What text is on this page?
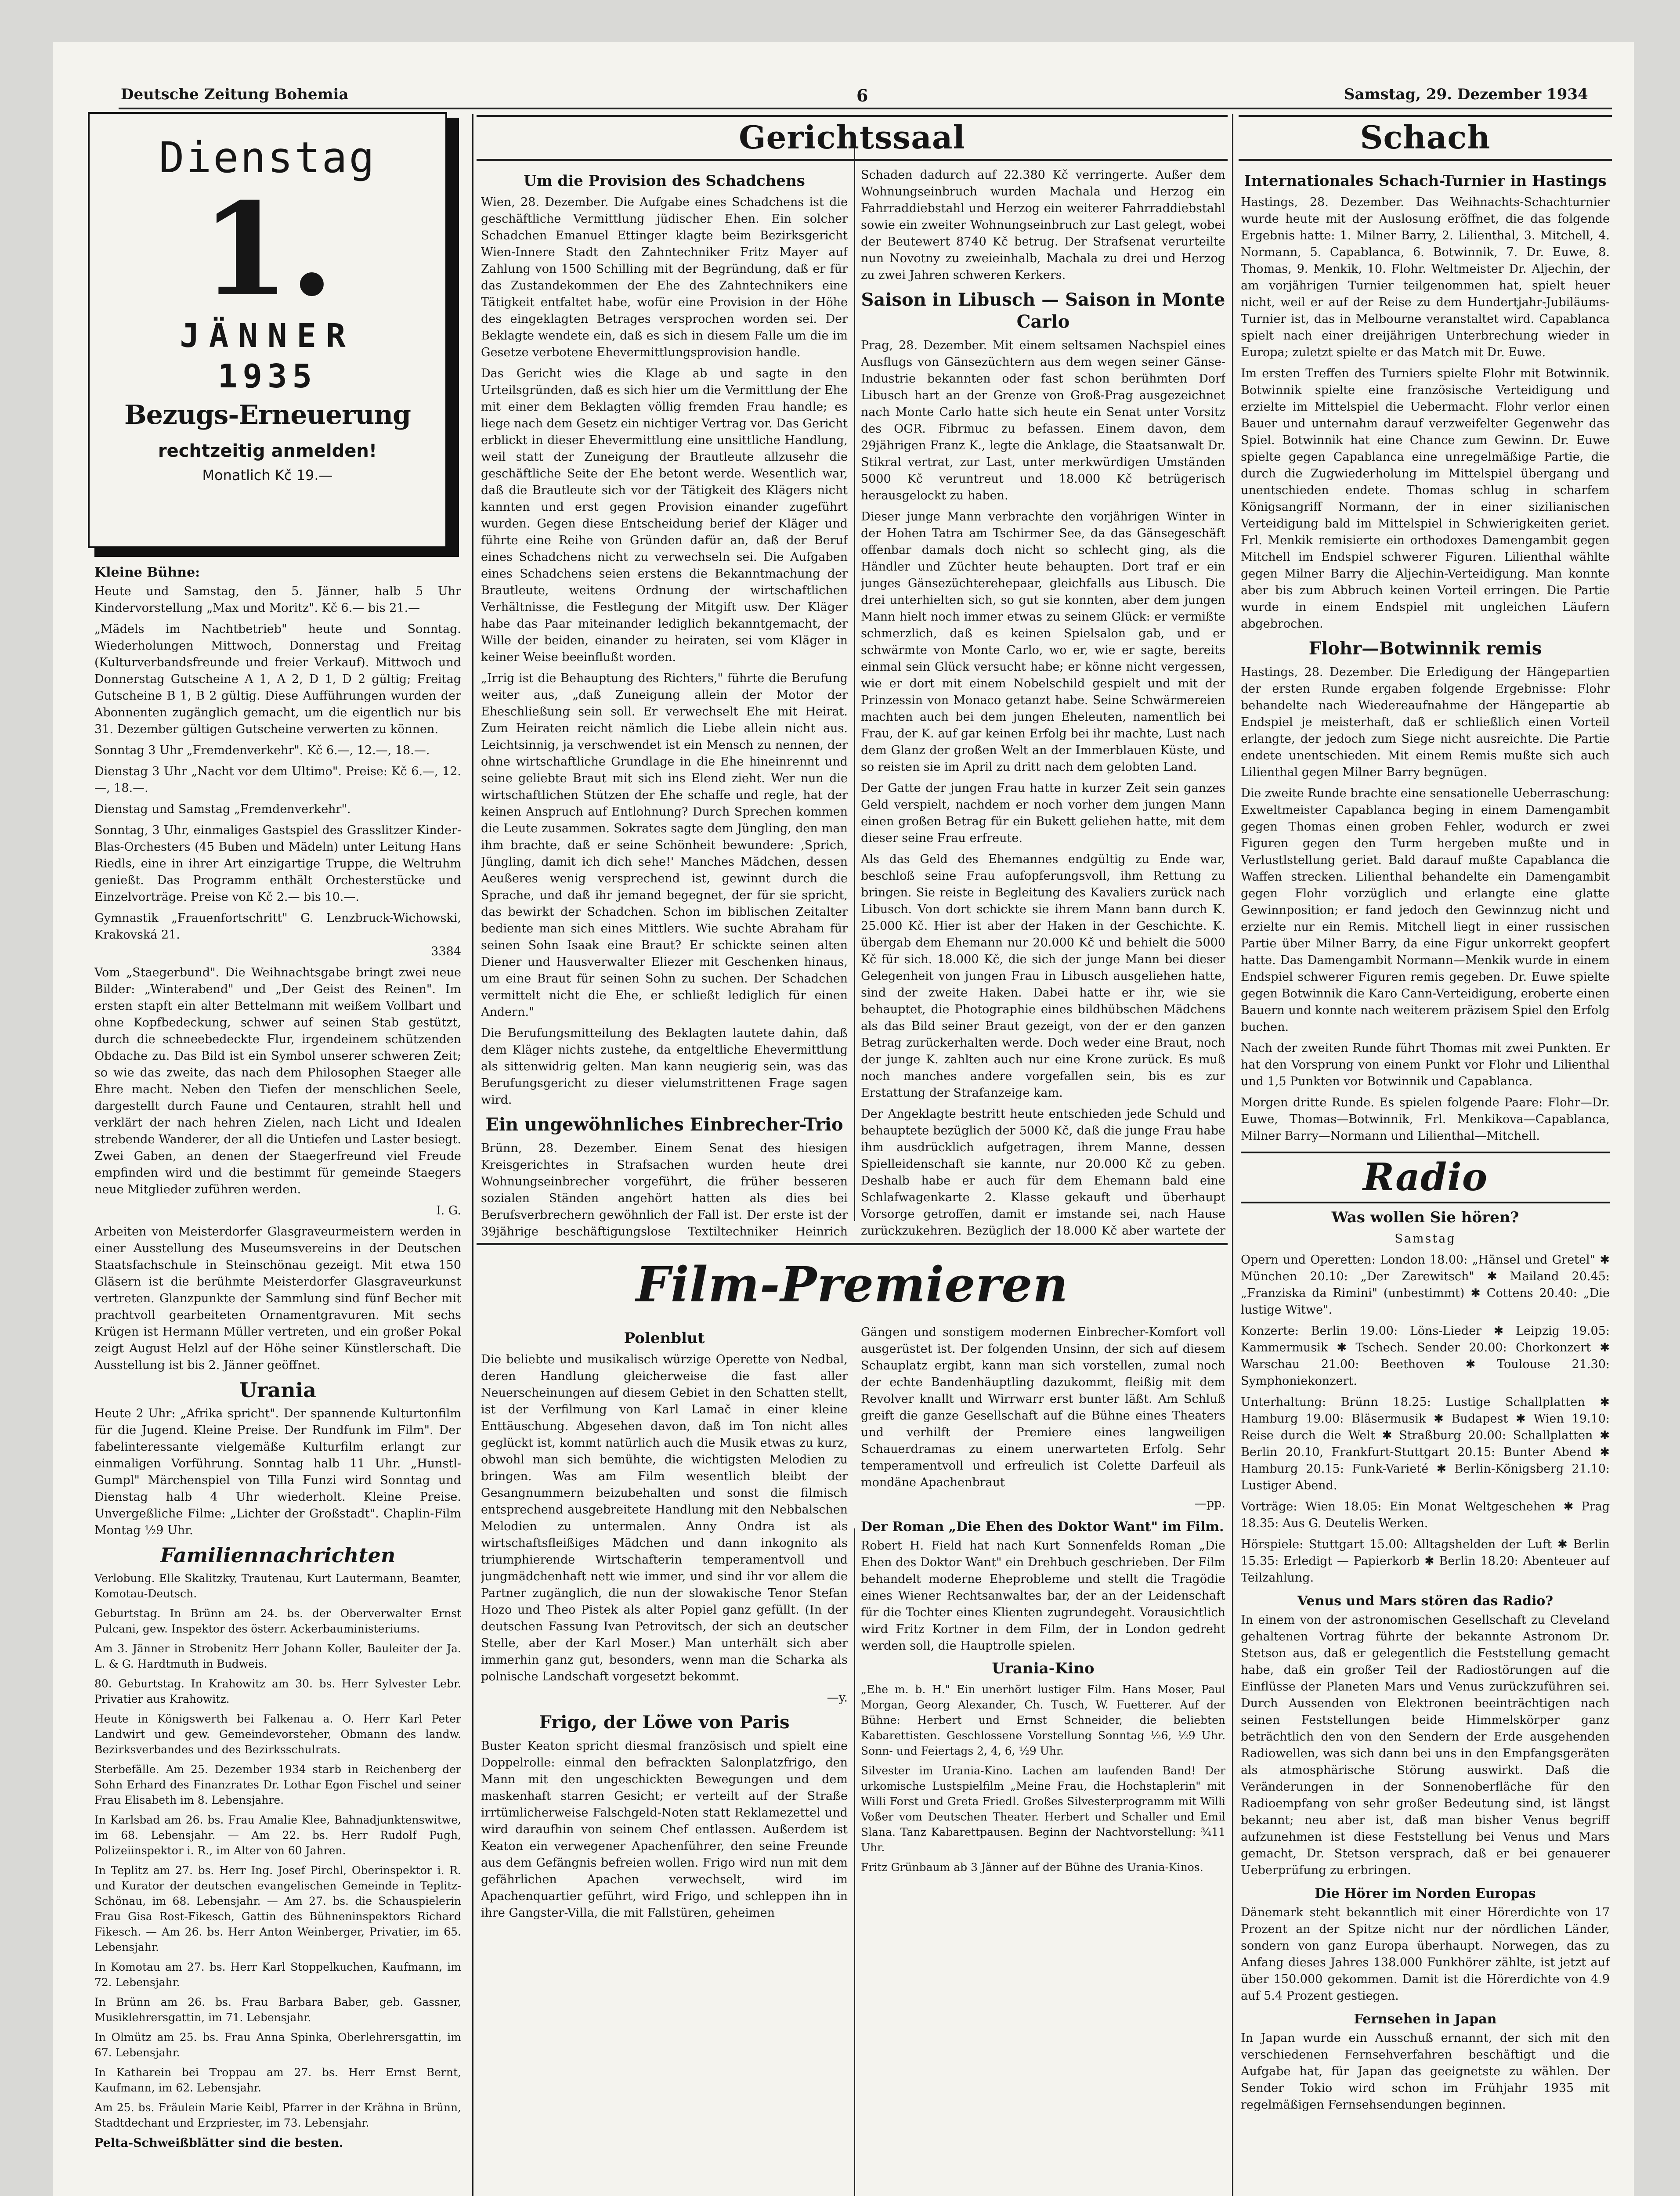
Deutsche Zeitung Bohemia	6	Samstag, 29. Dezember 1934
Gerichtssaal
Dienstag
1.
JÄNNER
1935
Bezugs-Erneuerung
rechtzeitig anmelden!
Monatlich Kč 19.—
Kleine Bühne:

Heute und Samstag, den 5. Jänner, halb 5 Uhr Kindervorstellung „Max und Moritz". Kč 6.— bis 21.—

„Mädels im Nachtbetrieb" heute und Sonntag. Wiederholungen Mittwoch, Donnerstag und Freitag (Kulturverbandsfreunde und freier Verkauf). Mittwoch und Donnerstag Gutscheine A 1, A 2, D 1, D 2 gültig; Freitag Gutscheine B 1, B 2 gültig. Diese Aufführungen wurden der Abonnenten zugänglich gemacht, um die eigentlich nur bis 31. Dezember gültigen Gutscheine verwerten zu können.

Sonntag 3 Uhr „Fremdenverkehr". Kč 6.—, 12.—, 18.—.

Dienstag 3 Uhr „Nacht vor dem Ultimo". Preise: Kč 6.—, 12.—, 18.—.

Dienstag und Samstag „Fremdenverkehr".

Sonntag, 3 Uhr, einmaliges Gastspiel des Grasslitzer Kinder-Blas-Orchesters (45 Buben und Mädeln) unter Leitung Hans Riedls, eine in ihrer Art einzigartige Truppe, die Weltruhm genießt. Das Programm enthält Orchesterstücke und Einzelvorträge. Preise von Kč 2.— bis 10.—.

Gymnastik „Frauenfortschritt" G. Lenzbruck-Wichowski, Krakovská 21.

3384

Vom „Staegerbund". Die Weihnachtsgabe bringt zwei neue Bilder: „Winterabend" und „Der Geist des Reinen". Im ersten stapft ein alter Bettelmann mit weißem Vollbart und ohne Kopfbedeckung, schwer auf seinen Stab gestützt, durch die schneebedeckte Flur, irgendeinem schützenden Obdache zu. Das Bild ist ein Symbol unserer schweren Zeit; so wie das zweite, das nach dem Philosophen Staeger alle Ehre macht. Neben den Tiefen der menschlichen Seele, dargestellt durch Faune und Centauren, strahlt hell und verklärt der nach hehren Zielen, nach Licht und Idealen strebende Wanderer, der all die Untiefen und Laster besiegt. Zwei Gaben, an denen der Staegerfreund viel Freude empfinden wird und die bestimmt für gemeinde Staegers neue Mitglieder zuführen werden.

I. G.

Arbeiten von Meisterdorfer Glasgraveurmeistern werden in einer Ausstellung des Museumsvereins in der Deutschen Staatsfachschule in Steinschönau gezeigt. Mit etwa 150 Gläsern ist die berühmte Meisterdorfer Glasgraveurkunst vertreten. Glanzpunkte der Sammlung sind fünf Becher mit prachtvoll gearbeiteten Ornamentgravuren. Mit sechs Krügen ist Hermann Müller vertreten, und ein großer Pokal zeigt August Helzl auf der Höhe seiner Künstlerschaft. Die Ausstellung ist bis 2. Jänner geöffnet.

Urania

Heute 2 Uhr: „Afrika spricht". Der spannende Kulturtonfilm für die Jugend. Kleine Preise. Der Rundfunk im Film". Der fabelinteressante vielgemäße Kulturfilm erlangt zur einmaligen Vorführung. Sonntag halb 11 Uhr. „Hunstl-Gumpl" Märchenspiel von Tilla Funzi wird Sonntag und Dienstag halb 4 Uhr wiederholt. Kleine Preise. Unvergeßliche Filme: „Lichter der Großstadt". Chaplin-Film Montag ½9 Uhr.

Familiennachrichten

Verlobung. Elle Skalitzky, Trautenau, Kurt Lautermann, Beamter, Komotau-Deutsch.

Geburtstag. In Brünn am 24. bs. der Oberverwalter Ernst Pulcani, gew. Inspektor des österr. Ackerbauministeriums.

Am 3. Jänner in Strobenitz Herr Johann Koller, Bauleiter der Ja. L. & G. Hardtmuth in Budweis.

80. Geburtstag. In Krahowitz am 30. bs. Herr Sylvester Lebr. Privatier aus Krahowitz.

Heute in Königswerth bei Falkenau a. O. Herr Karl Peter Landwirt und gew. Gemeindevorsteher, Obmann des landw. Bezirksverbandes und des Bezirksschulrats.

Sterbefälle. Am 25. Dezember 1934 starb in Reichenberg der Sohn Erhard des Finanzrates Dr. Lothar Egon Fischel und seiner Frau Elisabeth im 8. Lebensjahre.

In Karlsbad am 26. bs. Frau Amalie Klee, Bahnadjunktenswitwe, im 68. Lebensjahr. — Am 22. bs. Herr Rudolf Pugh, Polizeiinspektor i. R., im Alter von 60 Jahren.

In Teplitz am 27. bs. Herr Ing. Josef Pirchl, Oberinspektor i. R. und Kurator der deutschen evangelischen Gemeinde in Teplitz-Schönau, im 68. Lebensjahr. — Am 27. bs. die Schauspielerin Frau Gisa Rost-Fikesch, Gattin des Bühneninspektors Richard Fikesch. — Am 26. bs. Herr Anton Weinberger, Privatier, im 65. Lebensjahr.

In Komotau am 27. bs. Herr Karl Stoppelkuchen, Kaufmann, im 72. Lebensjahr.

In Brünn am 26. bs. Frau Barbara Baber, geb. Gassner, Musiklehrersgattin, im 71. Lebensjahr.

In Olmütz am 25. bs. Frau Anna Spinka, Oberlehrersgattin, im 67. Lebensjahr.

In Katharein bei Troppau am 27. bs. Herr Ernst Bernt, Kaufmann, im 62. Lebensjahr.

Am 25. bs. Fräulein Marie Keibl, Pfarrer in der Krähna in Brünn, Stadtdechant und Erzpriester, im 73. Lebensjahr.

Pelta-Schweißblätter sind die besten.

Um die Provision des Schadchens

Wien, 28. Dezember. Die Aufgabe eines Schadchens ist die geschäftliche Vermittlung jüdischer Ehen. Ein solcher Schadchen Emanuel Ettinger klagte beim Bezirksgericht Wien-Innere Stadt den Zahntechniker Fritz Mayer auf Zahlung von 1500 Schilling mit der Begründung, daß er für das Zustandekommen der Ehe des Zahntechnikers eine Tätigkeit entfaltet habe, wofür eine Provision in der Höhe des eingeklagten Betrages versprochen worden sei. Der Beklagte wendete ein, daß es sich in diesem Falle um die im Gesetze verbotene Ehevermittlungsprovision handle.

Das Gericht wies die Klage ab und sagte in den Urteilsgründen, daß es sich hier um die Vermittlung der Ehe mit einer dem Beklagten völlig fremden Frau handle; es liege nach dem Gesetz ein nichtiger Vertrag vor. Das Gericht erblickt in dieser Ehevermittlung eine unsittliche Handlung, weil statt der Zuneigung der Brautleute allzusehr die geschäftliche Seite der Ehe betont werde. Wesentlich war, daß die Brautleute sich vor der Tätigkeit des Klägers nicht kannten und erst gegen Provision einander zugeführt wurden. Gegen diese Entscheidung berief der Kläger und führte eine Reihe von Gründen dafür an, daß der Beruf eines Schadchens nicht zu verwechseln sei. Die Aufgaben eines Schadchens seien erstens die Bekanntmachung der Brautleute, weitens Ordnung der wirtschaftlichen Verhältnisse, die Festlegung der Mitgift usw. Der Kläger habe das Paar miteinander lediglich bekanntgemacht, der Wille der beiden, einander zu heiraten, sei vom Kläger in keiner Weise beeinflußt worden.

„Irrig ist die Behauptung des Richters," führte die Berufung weiter aus, „daß Zuneigung allein der Motor der Eheschließung sein soll. Er verwechselt Ehe mit Heirat. Zum Heiraten reicht nämlich die Liebe allein nicht aus. Leichtsinnig, ja verschwendet ist ein Mensch zu nennen, der ohne wirtschaftliche Grundlage in die Ehe hineinrennt und seine geliebte Braut mit sich ins Elend zieht. Wer nun die wirtschaftlichen Stützen der Ehe schaffe und regle, hat der keinen Anspruch auf Entlohnung? Durch Sprechen kommen die Leute zusammen. Sokrates sagte dem Jüngling, den man ihm brachte, daß er seine Schönheit bewundere: ‚Sprich, Jüngling, damit ich dich sehe!' Manches Mädchen, dessen Aeußeres wenig versprechend ist, gewinnt durch die Sprache, und daß ihr jemand begegnet, der für sie spricht, das bewirkt der Schadchen. Schon im biblischen Zeitalter bediente man sich eines Mittlers. Wie suchte Abraham für seinen Sohn Isaak eine Braut? Er schickte seinen alten Diener und Hausverwalter Eliezer mit Geschenken hinaus, um eine Braut für seinen Sohn zu suchen. Der Schadchen vermittelt nicht die Ehe, er schließt lediglich für einen Andern."

Die Berufungsmitteilung des Beklagten lautete dahin, daß dem Kläger nichts zustehe, da entgeltliche Ehevermittlung als sittenwidrig gelten. Man kann neugierig sein, was das Berufungsgericht zu dieser vielumstrittenen Frage sagen wird.

Ein ungewöhnliches Einbrecher-Trio

Brünn, 28. Dezember. Einem Senat des hiesigen Kreisgerichtes in Strafsachen wurden heute drei Wohnungseinbrecher vorgeführt, die früher besseren sozialen Ständen angehört hatten als dies bei Berufsverbrechern gewöhnlich der Fall ist. Der erste ist der 39jährige beschäftigungslose Textiltechniker Heinrich

Schaden dadurch auf 22.380 Kč verringerte. Außer dem Wohnungseinbruch wurden Machala und Herzog ein Fahrraddiebstahl und Herzog ein weiterer Fahrraddiebstahl sowie ein zweiter Wohnungseinbruch zur Last gelegt, wobei der Beutewert 8740 Kč betrug. Der Strafsenat verurteilte nun Novotny zu zweieinhalb, Machala zu drei und Herzog zu zwei Jahren schweren Kerkers.

Saison in Libusch — Saison in Monte Carlo

Prag, 28. Dezember. Mit einem seltsamen Nachspiel eines Ausflugs von Gänsezüchtern aus dem wegen seiner Gänse-Industrie bekannten oder fast schon berühmten Dorf Libusch hart an der Grenze von Groß-Prag ausgezeichnet nach Monte Carlo hatte sich heute ein Senat unter Vorsitz des OGR. Fibrmuc zu befassen. Einem davon, dem 29jährigen Franz K., legte die Anklage, die Staatsanwalt Dr. Stikral vertrat, zur Last, unter merkwürdigen Umständen 5000 Kč veruntreut und 18.000 Kč betrügerisch herausgelockt zu haben.

Dieser junge Mann verbrachte den vorjährigen Winter in der Hohen Tatra am Tschirmer See, da das Gänsegeschäft offenbar damals doch nicht so schlecht ging, als die Händler und Züchter heute behaupten. Dort traf er ein junges Gänsezüchterehepaar, gleichfalls aus Libusch. Die drei unterhielten sich, so gut sie konnten, aber dem jungen Mann hielt noch immer etwas zu seinem Glück: er vermißte schmerzlich, daß es keinen Spielsalon gab, und er schwärmte von Monte Carlo, wo er, wie er sagte, bereits einmal sein Glück versucht habe; er könne nicht vergessen, wie er dort mit einem Nobelschild gespielt und mit der Prinzessin von Monaco getanzt habe. Seine Schwärmereien machten auch bei dem jungen Eheleuten, namentlich bei Frau, der K. auf gar keinen Erfolg bei ihr machte, Lust nach dem Glanz der großen Welt an der Immerblauen Küste, und so reisten sie im April zu dritt nach dem gelobten Land.

Der Gatte der jungen Frau hatte in kurzer Zeit sein ganzes Geld verspielt, nachdem er noch vorher dem jungen Mann einen großen Betrag für ein Bukett geliehen hatte, mit dem dieser seine Frau erfreute.

Als das Geld des Ehemannes endgültig zu Ende war, beschloß seine Frau aufopferungsvoll, ihm Rettung zu bringen. Sie reiste in Begleitung des Kavaliers zurück nach Libusch. Von dort schickte sie ihrem Mann bann durch K. 25.000 Kč. Hier ist aber der Haken in der Geschichte. K. übergab dem Ehemann nur 20.000 Kč und behielt die 5000 Kč für sich. 18.000 Kč, die sich der junge Mann bei dieser Gelegenheit von jungen Frau in Libusch ausgeliehen hatte, sind der zweite Haken. Dabei hatte er ihr, wie sie behauptet, die Photographie eines bildhübschen Mädchens als das Bild seiner Braut gezeigt, von der er den ganzen Betrag zurückerhalten werde. Doch weder eine Braut, noch der junge K. zahlten auch nur eine Krone zurück. Es muß noch manches andere vorgefallen sein, bis es zur Erstattung der Strafanzeige kam.

Der Angeklagte bestritt heute entschieden jede Schuld und behauptete bezüglich der 5000 Kč, daß die junge Frau habe ihm ausdrücklich aufgetragen, ihrem Manne, dessen Spielleidenschaft sie kannte, nur 20.000 Kč zu geben. Deshalb habe er auch für dem Ehemann bald eine Schlafwagenkarte 2. Klasse gekauft und überhaupt Vorsorge getroffen, damit er imstande sei, nach Hause zurückzukehren. Bezüglich der 18.000 Kč aber wartete der

Film-Premieren
Polenblut

Die beliebte und musikalisch würzige Operette von Nedbal, deren Handlung gleicherweise die fast aller Neuerscheinungen auf diesem Gebiet in den Schatten stellt, ist der Verfilmung von Karl Lamač in einer kleine Enttäuschung. Abgesehen davon, daß im Ton nicht alles geglückt ist, kommt natürlich auch die Musik etwas zu kurz, obwohl man sich bemühte, die wichtigsten Melodien zu bringen. Was am Film wesentlich bleibt der Gesangnummern beizubehalten und sonst die filmisch entsprechend ausgebreitete Handlung mit den Nebbalschen Melodien zu untermalen. Anny Ondra ist als wirtschaftsfleißiges Mädchen und dann inkognito als triumphierende Wirtschafterin temperamentvoll und jungmädchenhaft nett wie immer, und sind ihr vor allem die Partner zugänglich, die nun der slowakische Tenor Stefan Hozo und Theo Pistek als alter Popiel ganz gefüllt. (In der deutschen Fassung Ivan Petrovitsch, der sich an deutscher Stelle, aber der Karl Moser.) Man unterhält sich aber immerhin ganz gut, besonders, wenn man die Scharka als polnische Landschaft vorgesetzt bekommt.

—y.
Frigo, der Löwe von Paris

Buster Keaton spricht diesmal französisch und spielt eine Doppelrolle: einmal den befrackten Salonplatzfrigo, den Mann mit den ungeschickten Bewegungen und dem maskenhaft starren Gesicht; er verteilt auf der Straße irrtümlicherweise Falschgeld-Noten statt Reklamezettel und wird daraufhin von seinem Chef entlassen. Außerdem ist Keaton ein verwegener Apachenführer, den seine Freunde aus dem Gefängnis befreien wollen. Frigo wird nun mit dem gefährlichen Apachen verwechselt, wird im Apachenquartier geführt, wird Frigo, und schleppen ihn in ihre Gangster-Villa, die mit Fallstüren, geheimen

Gängen und sonstigem modernen Einbrecher-Komfort voll ausgerüstet ist. Der folgenden Unsinn, der sich auf diesem Schauplatz ergibt, kann man sich vorstellen, zumal noch der echte Bandenhäuptling dazukommt, fleißig mit dem Revolver knallt und Wirrwarr erst bunter läßt. Am Schluß greift die ganze Gesellschaft auf die Bühne eines Theaters und verhilft der Premiere eines langweiligen Schauerdramas zu einem unerwarteten Erfolg. Sehr temperamentvoll und erfreulich ist Colette Darfeuil als mondäne Apachenbraut

—pp.
Der Roman „Die Ehen des Doktor Want" im Film.

Robert H. Field hat nach Kurt Sonnenfelds Roman „Die Ehen des Doktor Want" ein Drehbuch geschrieben. Der Film behandelt moderne Eheprobleme und stellt die Tragödie eines Wiener Rechtsanwaltes bar, der an der Leidenschaft für die Tochter eines Klienten zugrundegeht. Vorausichtlich wird Fritz Kortner in dem Film, der in London gedreht werden soll, die Hauptrolle spielen.

Urania-Kino

„Ehe m. b. H." Ein unerhört lustiger Film. Hans Moser, Paul Morgan, Georg Alexander, Ch. Tusch, W. Fuetterer. Auf der Bühne: Herbert und Ernst Schneider, die beliebten Kabarettisten. Geschlossene Vorstellung Sonntag ½6, ½9 Uhr. Sonn- und Feiertags 2, 4, 6, ½9 Uhr.

Silvester im Urania-Kino. Lachen am laufenden Band! Der urkomische Lustspielfilm „Meine Frau, die Hochstaplerin" mit Willi Forst und Greta Friedl. Großes Silvesterprogramm mit Willi Voßer vom Deutschen Theater. Herbert und Schaller und Emil Slana. Tanz Kabarettpausen. Beginn der Nachtvorstellung: ¾11 Uhr.

Fritz Grünbaum ab 3 Jänner auf der Bühne des Urania-Kinos.

Schach
Internationales Schach-Turnier in Hastings

Hastings, 28. Dezember. Das Weihnachts-Schachturnier wurde heute mit der Auslosung eröffnet, die das folgende Ergebnis hatte: 1. Milner Barry, 2. Lilienthal, 3. Mitchell, 4. Normann, 5. Capablanca, 6. Botwinnik, 7. Dr. Euwe, 8. Thomas, 9. Menkik, 10. Flohr. Weltmeister Dr. Aljechin, der am vorjährigen Turnier teilgenommen hat, spielt heuer nicht, weil er auf der Reise zu dem Hundertjahr-Jubiläums-Turnier ist, das in Melbourne veranstaltet wird. Capablanca spielt nach einer dreijährigen Unterbrechung wieder in Europa; zuletzt spielte er das Match mit Dr. Euwe.

Im ersten Treffen des Turniers spielte Flohr mit Botwinnik. Botwinnik spielte eine französische Verteidigung und erzielte im Mittelspiel die Uebermacht. Flohr verlor einen Bauer und unternahm darauf verzweifelter Gegenwehr das Spiel. Botwinnik hat eine Chance zum Gewinn. Dr. Euwe spielte gegen Capablanca eine unregelmäßige Partie, die durch die Zugwiederholung im Mittelspiel übergang und unentschieden endete. Thomas schlug in scharfem Königsangriff Normann, der in einer sizilianischen Verteidigung bald im Mittelspiel in Schwierigkeiten geriet. Frl. Menkik remisierte ein orthodoxes Damengambit gegen Mitchell im Endspiel schwerer Figuren. Lilienthal wählte gegen Milner Barry die Aljechin-Verteidigung. Man konnte aber bis zum Abbruch keinen Vorteil erringen. Die Partie wurde in einem Endspiel mit ungleichen Läufern abgebrochen.

Flohr—Botwinnik remis

Hastings, 28. Dezember. Die Erledigung der Hängepartien der ersten Runde ergaben folgende Ergebnisse: Flohr behandelte nach Wiedereaufnahme der Hängepartie ab Endspiel je meisterhaft, daß er schließlich einen Vorteil erlangte, der jedoch zum Siege nicht ausreichte. Die Partie endete unentschieden. Mit einem Remis mußte sich auch Lilienthal gegen Milner Barry begnügen.

Die zweite Runde brachte eine sensationelle Ueberraschung: Exweltmeister Capablanca beging in einem Damengambit gegen Thomas einen groben Fehler, wodurch er zwei Figuren gegen den Turm hergeben mußte und in Verlustlstellung geriet. Bald darauf mußte Capablanca die Waffen strecken. Lilienthal behandelte ein Damengambit gegen Flohr vorzüglich und erlangte eine glatte Gewinnposition; er fand jedoch den Gewinnzug nicht und erzielte nur ein Remis. Mitchell liegt in einer russischen Partie über Milner Barry, da eine Figur unkorrekt geopfert hatte. Das Damengambit Normann—Menkik wurde in einem Endspiel schwerer Figuren remis gegeben. Dr. Euwe spielte gegen Botwinnik die Karo Cann-Verteidigung, eroberte einen Bauern und konnte nach weiterem präzisem Spiel den Erfolg buchen.

Nach der zweiten Runde führt Thomas mit zwei Punkten. Er hat den Vorsprung von einem Punkt vor Flohr und Lilienthal und 1,5 Punkten vor Botwinnik und Capablanca.

Morgen dritte Runde. Es spielen folgende Paare: Flohr—Dr. Euwe, Thomas—Botwinnik, Frl. Menkikova—Capablanca, Milner Barry—Normann und Lilienthal—Mitchell.

Radio
Was wollen Sie hören?
Samstag

Opern und Operetten: London 18.00: „Hänsel und Gretel" ✱ München 20.10: „Der Zarewitsch" ✱ Mailand 20.45: „Franziska da Rimini" (unbestimmt) ✱ Cottens 20.40: „Die lustige Witwe".

Konzerte: Berlin 19.00: Löns-Lieder ✱ Leipzig 19.05: Kammermusik ✱ Tschech. Sender 20.00: Chorkonzert ✱ Warschau 21.00: Beethoven ✱ Toulouse 21.30: Symphoniekonzert.

Unterhaltung: Brünn 18.25: Lustige Schallplatten ✱ Hamburg 19.00: Bläsermusik ✱ Budapest ✱ Wien 19.10: Reise durch die Welt ✱ Straßburg 20.00: Schallplatten ✱ Berlin 20.10, Frankfurt-Stuttgart 20.15: Bunter Abend ✱ Hamburg 20.15: Funk-Varieté ✱ Berlin-Königsberg 21.10: Lustiger Abend.

Vorträge: Wien 18.05: Ein Monat Weltgeschehen ✱ Prag 18.35: Aus G. Deutelis Werken.

Hörspiele: Stuttgart 15.00: Alltagshelden der Luft ✱ Berlin 15.35: Erledigt — Papierkorb ✱ Berlin 18.20: Abenteuer auf Teilzahlung.

Venus und Mars stören das Radio?

In einem von der astronomischen Gesellschaft zu Cleveland gehaltenen Vortrag führte der bekannte Astronom Dr. Stetson aus, daß er gelegentlich die Feststellung gemacht habe, daß ein großer Teil der Radiostörungen auf die Einflüsse der Planeten Mars und Venus zurückzuführen sei. Durch Aussenden von Elektronen beeinträchtigen nach seinen Feststellungen beide Himmelskörper ganz beträchtlich den von den Sendern der Erde ausgehenden Radiowellen, was sich dann bei uns in den Empfangsgeräten als atmosphärische Störung auswirkt. Daß die Veränderungen in der Sonnenoberfläche für den Radioempfang von sehr großer Bedeutung sind, ist längst bekannt; neu aber ist, daß man bisher Venus begriff aufzunehmen ist diese Feststellung bei Venus und Mars gemacht, Dr. Stetson versprach, daß er bei genauerer Ueberprüfung zu erbringen.

Die Hörer im Norden Europas

Dänemark steht bekanntlich mit einer Hörerdichte von 17 Prozent an der Spitze nicht nur der nördlichen Länder, sondern von ganz Europa überhaupt. Norwegen, das zu Anfang dieses Jahres 138.000 Funkhörer zählte, ist jetzt auf über 150.000 gekommen. Damit ist die Hörerdichte von 4.9 auf 5.4 Prozent gestiegen.

Fernsehen in Japan

In Japan wurde ein Ausschuß ernannt, der sich mit den verschiedenen Fernsehverfahren beschäftigt und die Aufgabe hat, für Japan das geeignetste zu wählen. Der Sender Tokio wird schon im Frühjahr 1935 mit regelmäßigen Fernsehsendungen beginnen.
